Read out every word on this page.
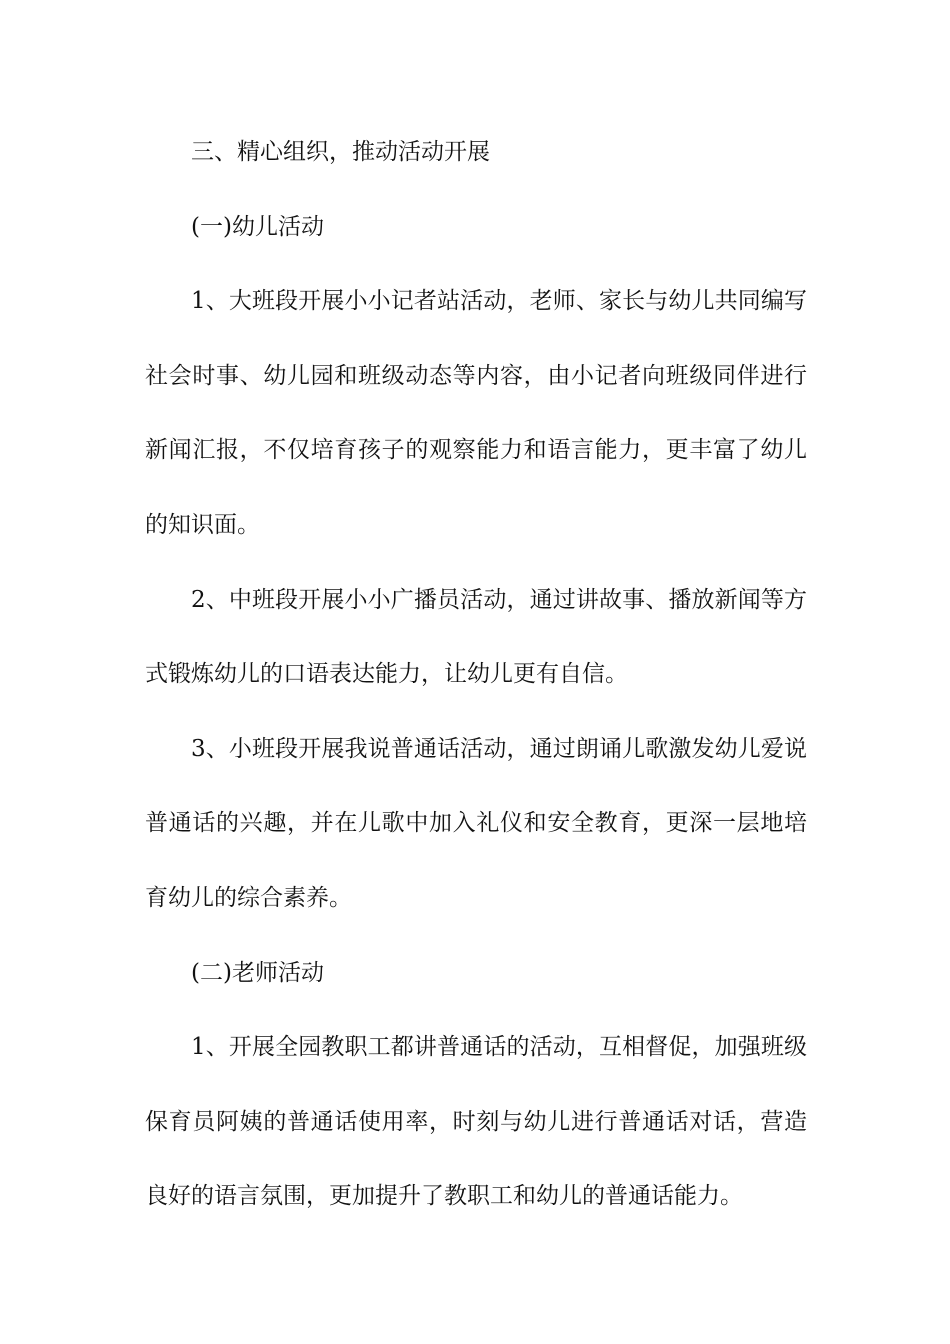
三、精心组织，推动活动开展

(一)幼儿活动

1、大班段开展小小记者站活动，老师、家长与幼儿共同编写社会时事、幼儿园和班级动态等内容，由小记者向班级同伴进行新闻汇报，不仅培育孩子的观察能力和语言能力，更丰富了幼儿的知识面。

2、中班段开展小小广播员活动，通过讲故事、播放新闻等方式锻炼幼儿的口语表达能力，让幼儿更有自信。

3、小班段开展我说普通话活动，通过朗诵儿歌激发幼儿爱说普通话的兴趣，并在儿歌中加入礼仪和安全教育，更深一层地培育幼儿的综合素养。

(二)老师活动

1、开展全园教职工都讲普通话的活动，互相督促，加强班级保育员阿姨的普通话使用率，时刻与幼儿进行普通话对话，营造良好的语言氛围，更加提升了教职工和幼儿的普通话能力。
